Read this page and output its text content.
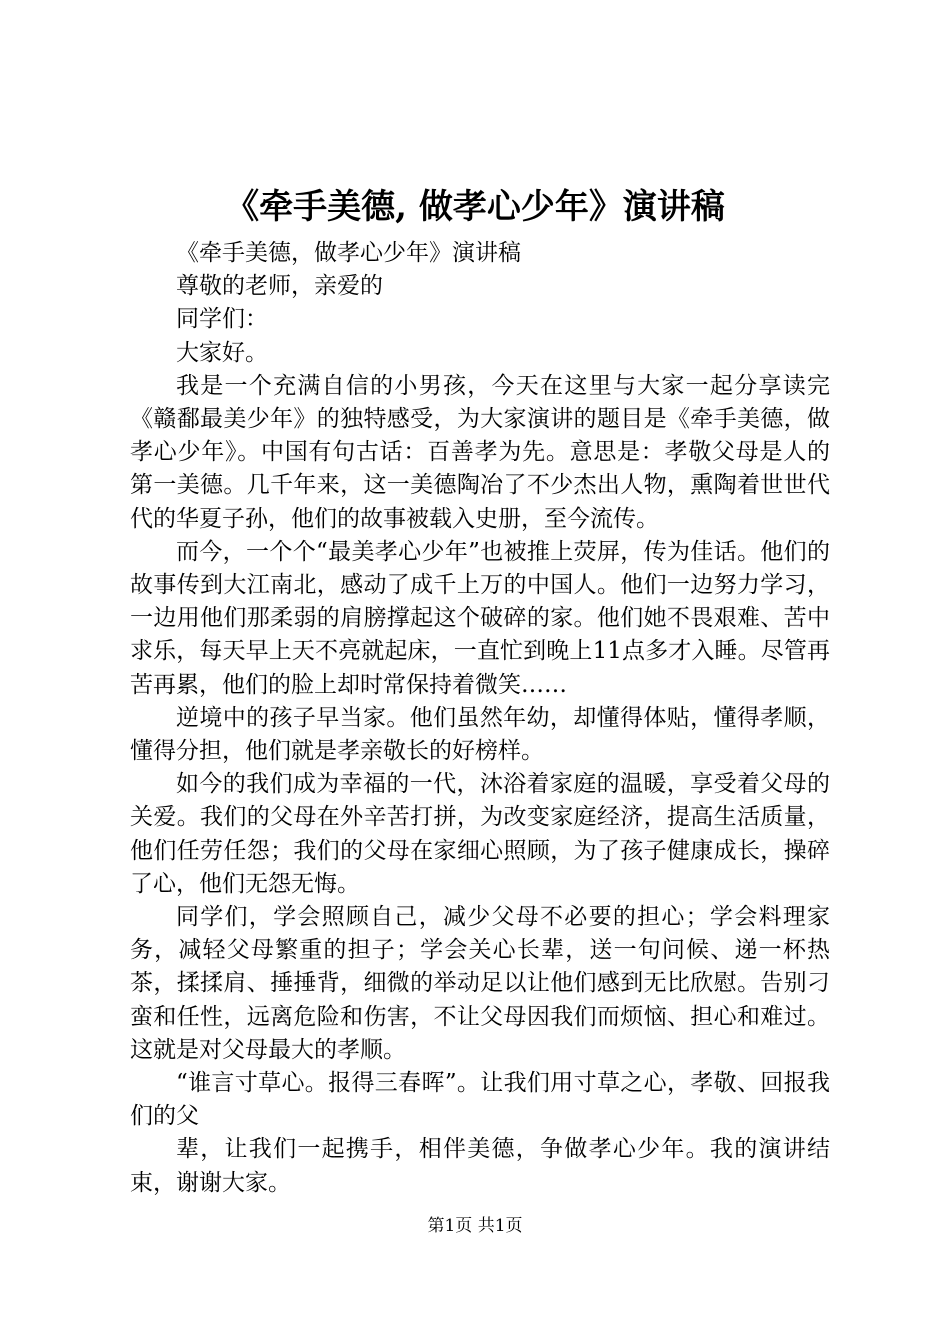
《牵手美德, 做孝心少年》演讲稿

《牵手美德，做孝心少年》演讲稿

尊敬的老师，亲爱的

同学们：

大家好。

我是一个充满自信的小男孩，今天在这里与大家一起分享读完《赣鄱最美少年》的独特感受，为大家演讲的题目是《牵手美德，做孝心少年》。中国有句古话：百善孝为先。意思是：孝敬父母是人的第一美德。几千年来，这一美德陶冶了不少杰出人物，熏陶着世世代代的华夏子孙，他们的故事被载入史册，至今流传。

而今，一个个“最美孝心少年”也被推上荧屏，传为佳话。他们的故事传到大江南北，感动了成千上万的中国人。他们一边努力学习，一边用他们那柔弱的肩膀撑起这个破碎的家。他们她不畏艰难、苦中求乐，每天早上天不亮就起床，一直忙到晚上11点多才入睡。尽管再苦再累，他们的脸上却时常保持着微笑……

逆境中的孩子早当家。他们虽然年幼，却懂得体贴，懂得孝顺，懂得分担，他们就是孝亲敬长的好榜样。

如今的我们成为幸福的一代，沐浴着家庭的温暖，享受着父母的关爱。我们的父母在外辛苦打拼，为改变家庭经济，提高生活质量，他们任劳任怨；我们的父母在家细心照顾，为了孩子健康成长，操碎了心，他们无怨无悔。

同学们，学会照顾自己，减少父母不必要的担心；学会料理家务，减轻父母繁重的担子；学会关心长辈，送一句问候、递一杯热茶，揉揉肩、捶捶背，细微的举动足以让他们感到无比欣慰。告别刁蛮和任性，远离危险和伤害，不让父母因我们而烦恼、担心和难过。这就是对父母最大的孝顺。

“谁言寸草心。报得三春晖”。让我们用寸草之心，孝敬、回报我们的父

辈，让我们一起携手，相伴美德，争做孝心少年。我的演讲结束，谢谢大家。

第1页 共1页
